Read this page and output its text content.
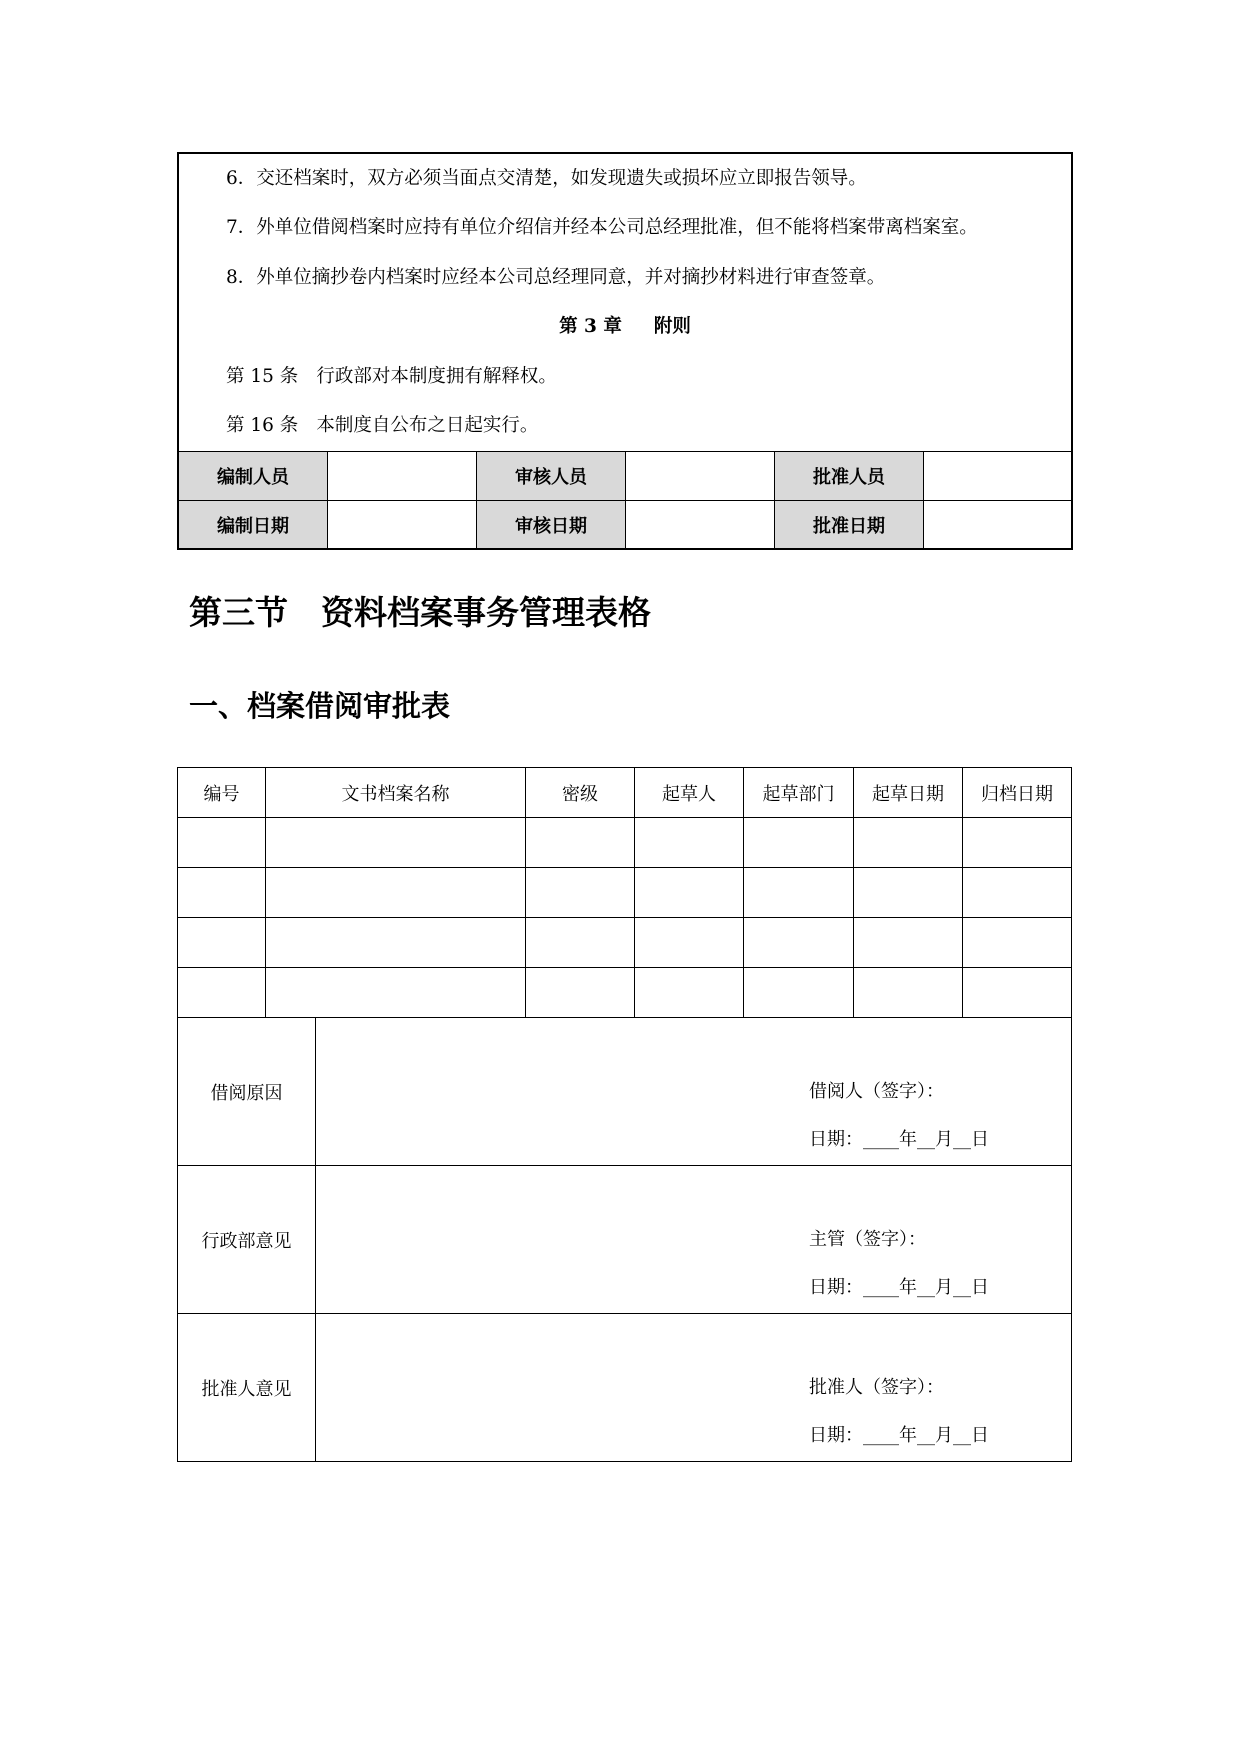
6．交还档案时，双方必须当面点交清楚，如发现遗失或损坏应立即报告领导。
7．外单位借阅档案时应持有单位介绍信并经本公司总经理批准，但不能将档案带离档案室。
8．外单位摘抄卷内档案时应经本公司总经理同意，并对摘抄材料进行审查签章。
第 3 章 附则
第 15 条 行政部对本制度拥有解释权。
第 16 条 本制度自公布之日起实行。
编制人员	审核人员	批准人员
编制日期	审核日期	批准日期
第三节 资料档案事务管理表格
一、档案借阅审批表
编号	文书档案名称	密级	起草人	起草部门	起草日期	归档日期
借阅原因	借阅人（签字）：
日期：____年__月__日
行政部意见	主管（签字）：
日期：____年__月__日
批准人意见	批准人（签字）：
日期：____年__月__日
